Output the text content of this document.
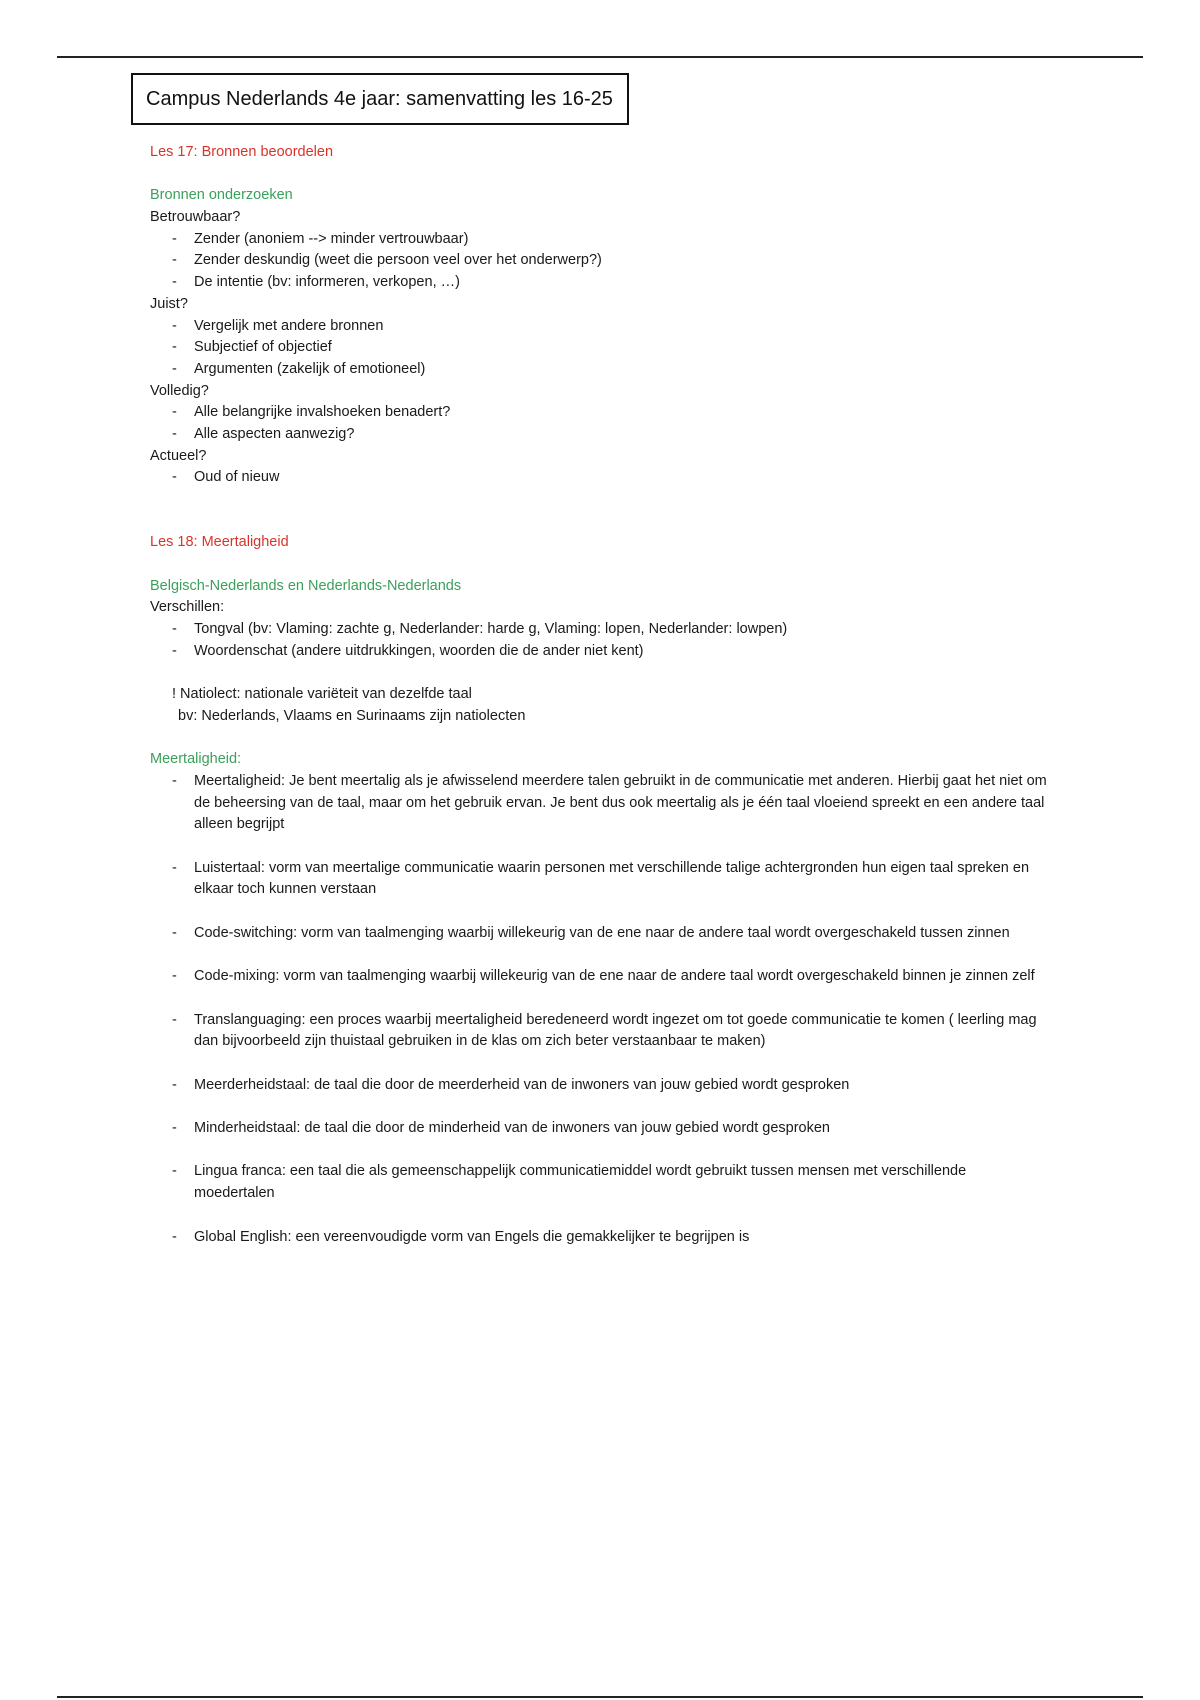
Campus Nederlands 4e jaar: samenvatting les 16-25
Les 17: Bronnen beoordelen
Bronnen onderzoeken
Betrouwbaar?
-	Zender (anoniem --> minder vertrouwbaar)
-	Zender deskundig (weet die persoon veel over het onderwerp?)
-	De intentie (bv: informeren, verkopen, …)
Juist?
-	Vergelijk met andere bronnen
-	Subjectief of objectief
-	Argumenten (zakelijk of emotioneel)
Volledig?
-	Alle belangrijke invalshoeken benadert?
-	Alle aspecten aanwezig?
Actueel?
-	Oud of nieuw
Les 18: Meertaligheid
Belgisch-Nederlands en Nederlands-Nederlands
Verschillen:
-	Tongval (bv: Vlaming: zachte g, Nederlander: harde g, Vlaming: lopen, Nederlander: lowpen)
-	Woordenschat (andere uitdrukkingen, woorden die de ander niet kent)
! Natiolect: nationale variëteit van dezelfde taal
bv: Nederlands, Vlaams en Surinaams zijn natiolecten
Meertaligheid:
-	Meertaligheid: Je bent meertalig als je afwisselend meerdere talen gebruikt in de communicatie met anderen. Hierbij gaat het niet om de beheersing van de taal, maar om het gebruik ervan. Je bent dus ook meertalig als je één taal vloeiend spreekt en een andere taal alleen begrijpt
-	Luistertaal: vorm van meertalige communicatie waarin personen met verschillende talige achtergronden hun eigen taal spreken en elkaar toch kunnen verstaan
-	Code-switching: vorm van taalmenging waarbij willekeurig van de ene naar de andere taal wordt overgeschakeld tussen zinnen
-	Code-mixing: vorm van taalmenging waarbij willekeurig van de ene naar de andere taal wordt overgeschakeld binnen je zinnen zelf
-	Translanguaging: een proces waarbij meertaligheid beredeneerd wordt ingezet om tot goede communicatie te komen ( leerling mag dan bijvoorbeeld zijn thuistaal gebruiken in de klas om zich beter verstaanbaar te maken)
-	Meerderheidstaal: de taal die door de meerderheid van de inwoners van jouw gebied wordt gesproken
-	Minderheidstaal: de taal die door de minderheid van de inwoners van jouw gebied wordt gesproken
-	Lingua franca: een taal die als gemeenschappelijk communicatiemiddel wordt gebruikt tussen mensen met verschillende moedertalen
-	Global English: een vereenvoudigde vorm van Engels die gemakkelijker te begrijpen is
